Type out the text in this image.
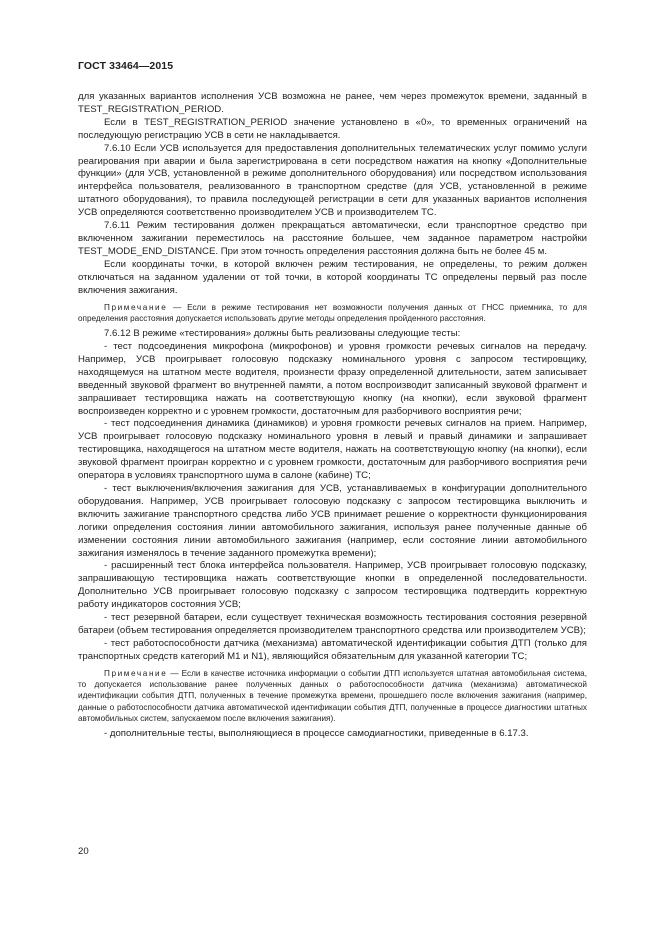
ГОСТ 33464—2015

для указанных вариантов исполнения УСВ возможна не ранее, чем через промежуток времени, заданный в TEST_REGISTRATION_PERIOD.

Если в TEST_REGISTRATION_PERIOD значение установлено в «0», то временных ограничений на последующую регистрацию УСВ в сети не накладывается.

7.6.10 Если УСВ используется для предоставления дополнительных телематических услуг помимо услуги реагирования при аварии и была зарегистрирована в сети посредством нажатия на кнопку «Дополнительные функции» (для УСВ, установленной в режиме дополнительного оборудования) или посредством использования интерфейса пользователя, реализованного в транспортном средстве (для УСВ, установленной в режиме штатного оборудования), то правила последующей регистрации в сети для указанных вариантов исполнения УСВ определяются соответственно производителем УСВ и производителем ТС.

7.6.11 Режим тестирования должен прекращаться автоматически, если транспортное средство при включенном зажигании переместилось на расстояние большее, чем заданное параметром настройки TEST_MODE_END_DISTANCE. При этом точность определения расстояния должна быть не более 45 м.

Если координаты точки, в которой включен режим тестирования, не определены, то режим должен отключаться на заданном удалении от той точки, в которой координаты ТС определены первый раз после включения зажигания.

Примечание — Если в режиме тестирования нет возможности получения данных от ГНСС приемника, то для определения расстояния допускается использовать другие методы определения пройденного расстояния.

7.6.12 В режиме «тестирования» должны быть реализованы следующие тесты:

- тест подсоединения микрофона (микрофонов) и уровня громкости речевых сигналов на передачу. Например, УСВ проигрывает голосовую подсказку номинального уровня с запросом тестировщику, находящемуся на штатном месте водителя, произнести фразу определенной длительности, затем записывает введенный звуковой фрагмент во внутренней памяти, а потом воспроизводит записанный звуковой фрагмент и запрашивает тестировщика нажать на соответствующую кнопку (на кнопки), если звуковой фрагмент воспроизведен корректно и с уровнем громкости, достаточным для разборчивого восприятия речи;

- тест подсоединения динамика (динамиков) и уровня громкости речевых сигналов на прием. Например, УСВ проигрывает голосовую подсказку номинального уровня в левый и правый динамики и запрашивает тестировщика, находящегося на штатном месте водителя, нажать на соответствующую кнопку (на кнопки), если звуковой фрагмент проигран корректно и с уровнем громкости, достаточным для разборчивого восприятия речи оператора в условиях транспортного шума в салоне (кабине) ТС;

- тест выключения/включения зажигания для УСВ, устанавливаемых в конфигурации дополнительного оборудования. Например, УСВ проигрывает голосовую подсказку с запросом тестировщика выключить и включить зажигание транспортного средства либо УСВ принимает решение о корректности функционирования логики определения состояния линии автомобильного зажигания, используя ранее полученные данные об изменении состояния линии автомобильного зажигания (например, если состояние линии автомобильного зажигания изменялось в течение заданного промежутка времени);

- расширенный тест блока интерфейса пользователя. Например, УСВ проигрывает голосовую подсказку, запрашивающую тестировщика нажать соответствующие кнопки в определенной последовательности. Дополнительно УСВ проигрывает голосовую подсказку с запросом тестировщика подтвердить корректную работу индикаторов состояния УСВ;

- тест резервной батареи, если существует техническая возможность тестирования состояния резервной батареи (объем тестирования определяется производителем транспортного средства или производителем УСВ);

- тест работоспособности датчика (механизма) автоматической идентификации события ДТП (только для транспортных средств категорий М1 и N1), являющийся обязательным для указанной категории ТС;

Примечание — Если в качестве источника информации о событии ДТП используется штатная автомобильная система, то допускается использование ранее полученных данных о работоспособности датчика (механизма) автоматической идентификации события ДТП, полученных в течение промежутка времени, прошедшего после включения зажигания (например, данные о работоспособности датчика автоматической идентификации события ДТП, полученные в процессе диагностики штатных автомобильных систем, запускаемом после включения зажигания).

- дополнительные тесты, выполняющиеся в процессе самодиагностики, приведенные в 6.17.3.

20
